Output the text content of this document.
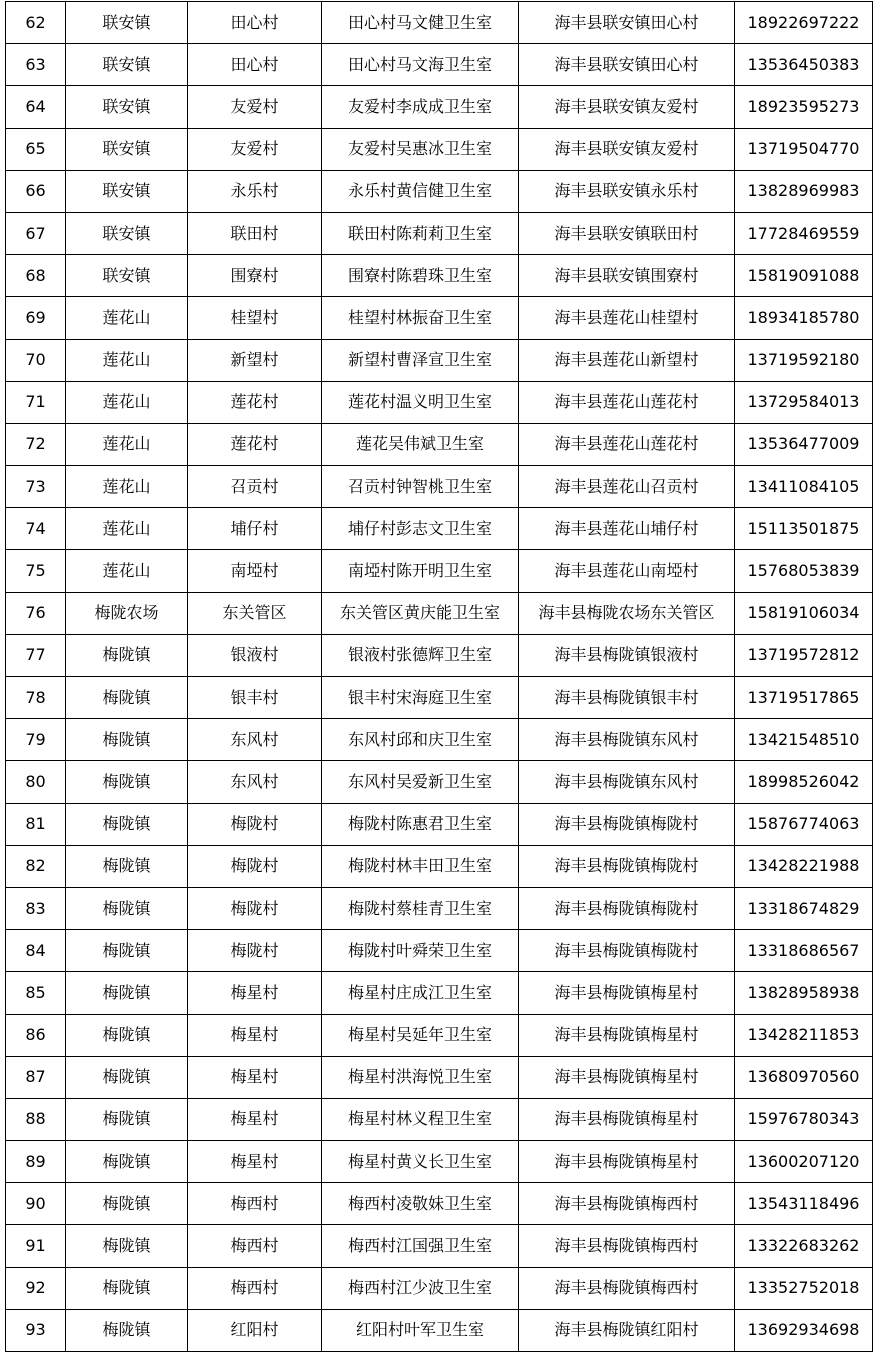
62	联安镇	田心村	田心村马文健卫生室	海丰县联安镇田心村	18922697222
63	联安镇	田心村	田心村马文海卫生室	海丰县联安镇田心村	13536450383
64	联安镇	友爱村	友爱村李成成卫生室	海丰县联安镇友爱村	18923595273
65	联安镇	友爱村	友爱村吴惠冰卫生室	海丰县联安镇友爱村	13719504770
66	联安镇	永乐村	永乐村黄信健卫生室	海丰县联安镇永乐村	13828969983
67	联安镇	联田村	联田村陈莉莉卫生室	海丰县联安镇联田村	17728469559
68	联安镇	围寮村	围寮村陈碧珠卫生室	海丰县联安镇围寮村	15819091088
69	莲花山	桂望村	桂望村林振奋卫生室	海丰县莲花山桂望村	18934185780
70	莲花山	新望村	新望村曹泽宣卫生室	海丰县莲花山新望村	13719592180
71	莲花山	莲花村	莲花村温义明卫生室	海丰县莲花山莲花村	13729584013
72	莲花山	莲花村	莲花吴伟斌卫生室	海丰县莲花山莲花村	13536477009
73	莲花山	召贡村	召贡村钟智桃卫生室	海丰县莲花山召贡村	13411084105
74	莲花山	埔仔村	埔仔村彭志文卫生室	海丰县莲花山埔仔村	15113501875
75	莲花山	南埡村	南埡村陈开明卫生室	海丰县莲花山南埡村	15768053839
76	梅陇农场	东关管区	东关管区黄庆能卫生室	海丰县梅陇农场东关管区	15819106034
77	梅陇镇	银液村	银液村张德辉卫生室	海丰县梅陇镇银液村	13719572812
78	梅陇镇	银丰村	银丰村宋海庭卫生室	海丰县梅陇镇银丰村	13719517865
79	梅陇镇	东风村	东风村邱和庆卫生室	海丰县梅陇镇东风村	13421548510
80	梅陇镇	东风村	东风村吴爱新卫生室	海丰县梅陇镇东风村	18998526042
81	梅陇镇	梅陇村	梅陇村陈惠君卫生室	海丰县梅陇镇梅陇村	15876774063
82	梅陇镇	梅陇村	梅陇村林丰田卫生室	海丰县梅陇镇梅陇村	13428221988
83	梅陇镇	梅陇村	梅陇村蔡桂青卫生室	海丰县梅陇镇梅陇村	13318674829
84	梅陇镇	梅陇村	梅陇村叶舜荣卫生室	海丰县梅陇镇梅陇村	13318686567
85	梅陇镇	梅星村	梅星村庄成江卫生室	海丰县梅陇镇梅星村	13828958938
86	梅陇镇	梅星村	梅星村吴延年卫生室	海丰县梅陇镇梅星村	13428211853
87	梅陇镇	梅星村	梅星村洪海悦卫生室	海丰县梅陇镇梅星村	13680970560
88	梅陇镇	梅星村	梅星村林义程卫生室	海丰县梅陇镇梅星村	15976780343
89	梅陇镇	梅星村	梅星村黄义长卫生室	海丰县梅陇镇梅星村	13600207120
90	梅陇镇	梅西村	梅西村凌敬妹卫生室	海丰县梅陇镇梅西村	13543118496
91	梅陇镇	梅西村	梅西村江国强卫生室	海丰县梅陇镇梅西村	13322683262
92	梅陇镇	梅西村	梅西村江少波卫生室	海丰县梅陇镇梅西村	13352752018
93	梅陇镇	红阳村	红阳村叶军卫生室	海丰县梅陇镇红阳村	13692934698
